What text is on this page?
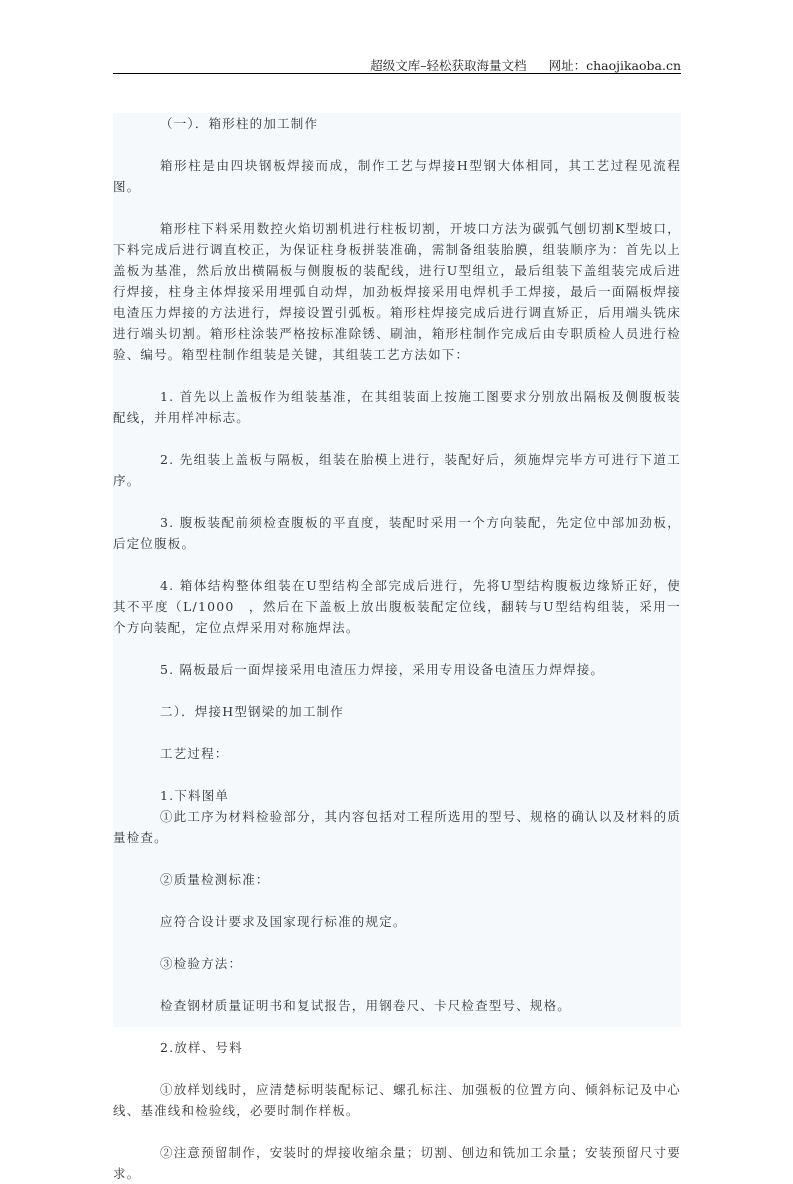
超级文库–轻松获取海量文档 网址：chaojikaoba.cn

（一）．箱形柱的加工制作

箱形柱是由四块钢板焊接而成，制作工艺与焊接H型钢大体相同，其工艺过程见流程图。

箱形柱下料采用数控火焰切割机进行柱板切割，开坡口方法为碳弧气刨切割K型坡口，下料完成后进行调直校正，为保证柱身板拼装准确，需制备组装胎膜，组装顺序为：首先以上盖板为基准，然后放出横隔板与侧腹板的装配线，进行U型组立，最后组装下盖组装完成后进行焊接，柱身主体焊接采用埋弧自动焊，加劲板焊接采用电焊机手工焊接，最后一面隔板焊接电渣压力焊接的方法进行，焊接设置引弧板。箱形柱焊接完成后进行调直矫正，后用端头铣床进行端头切割。箱形柱涂装严格按标准除锈、刷油，箱形柱制作完成后由专职质检人员进行检验、编号。箱型柱制作组装是关键，其组装工艺方法如下：

1. 首先以上盖板作为组装基准，在其组装面上按施工图要求分别放出隔板及侧腹板装配线，并用样冲标志。

2. 先组装上盖板与隔板，组装在胎模上进行，装配好后，须施焊完毕方可进行下道工序。

3. 腹板装配前须检查腹板的平直度，装配时采用一个方向装配，先定位中部加劲板，后定位腹板。

4. 箱体结构整体组装在U型结构全部完成后进行，先将U型结构腹板边缘矫正好，使其不平度（L/1000　，然后在下盖板上放出腹板装配定位线，翻转与U型结构组装，采用一个方向装配，定位点焊采用对称施焊法。

5. 隔板最后一面焊接采用电渣压力焊接，采用专用设备电渣压力焊焊接。

二）．焊接H型钢梁的加工制作

工艺过程：

1.下料图单

①此工序为材料检验部分，其内容包括对工程所选用的型号、规格的确认以及材料的质量检查。

②质量检测标准：

应符合设计要求及国家现行标准的规定。

③检验方法：

检查钢材质量证明书和复试报告，用钢卷尺、卡尺检查型号、规格。

2.放样、号料

①放样划线时，应清楚标明装配标记、螺孔标注、加强板的位置方向、倾斜标记及中心线、基准线和检验线，必要时制作样板。

②注意预留制作，安装时的焊接收缩余量；切割、刨边和铣加工余量；安装预留尺寸要求。
